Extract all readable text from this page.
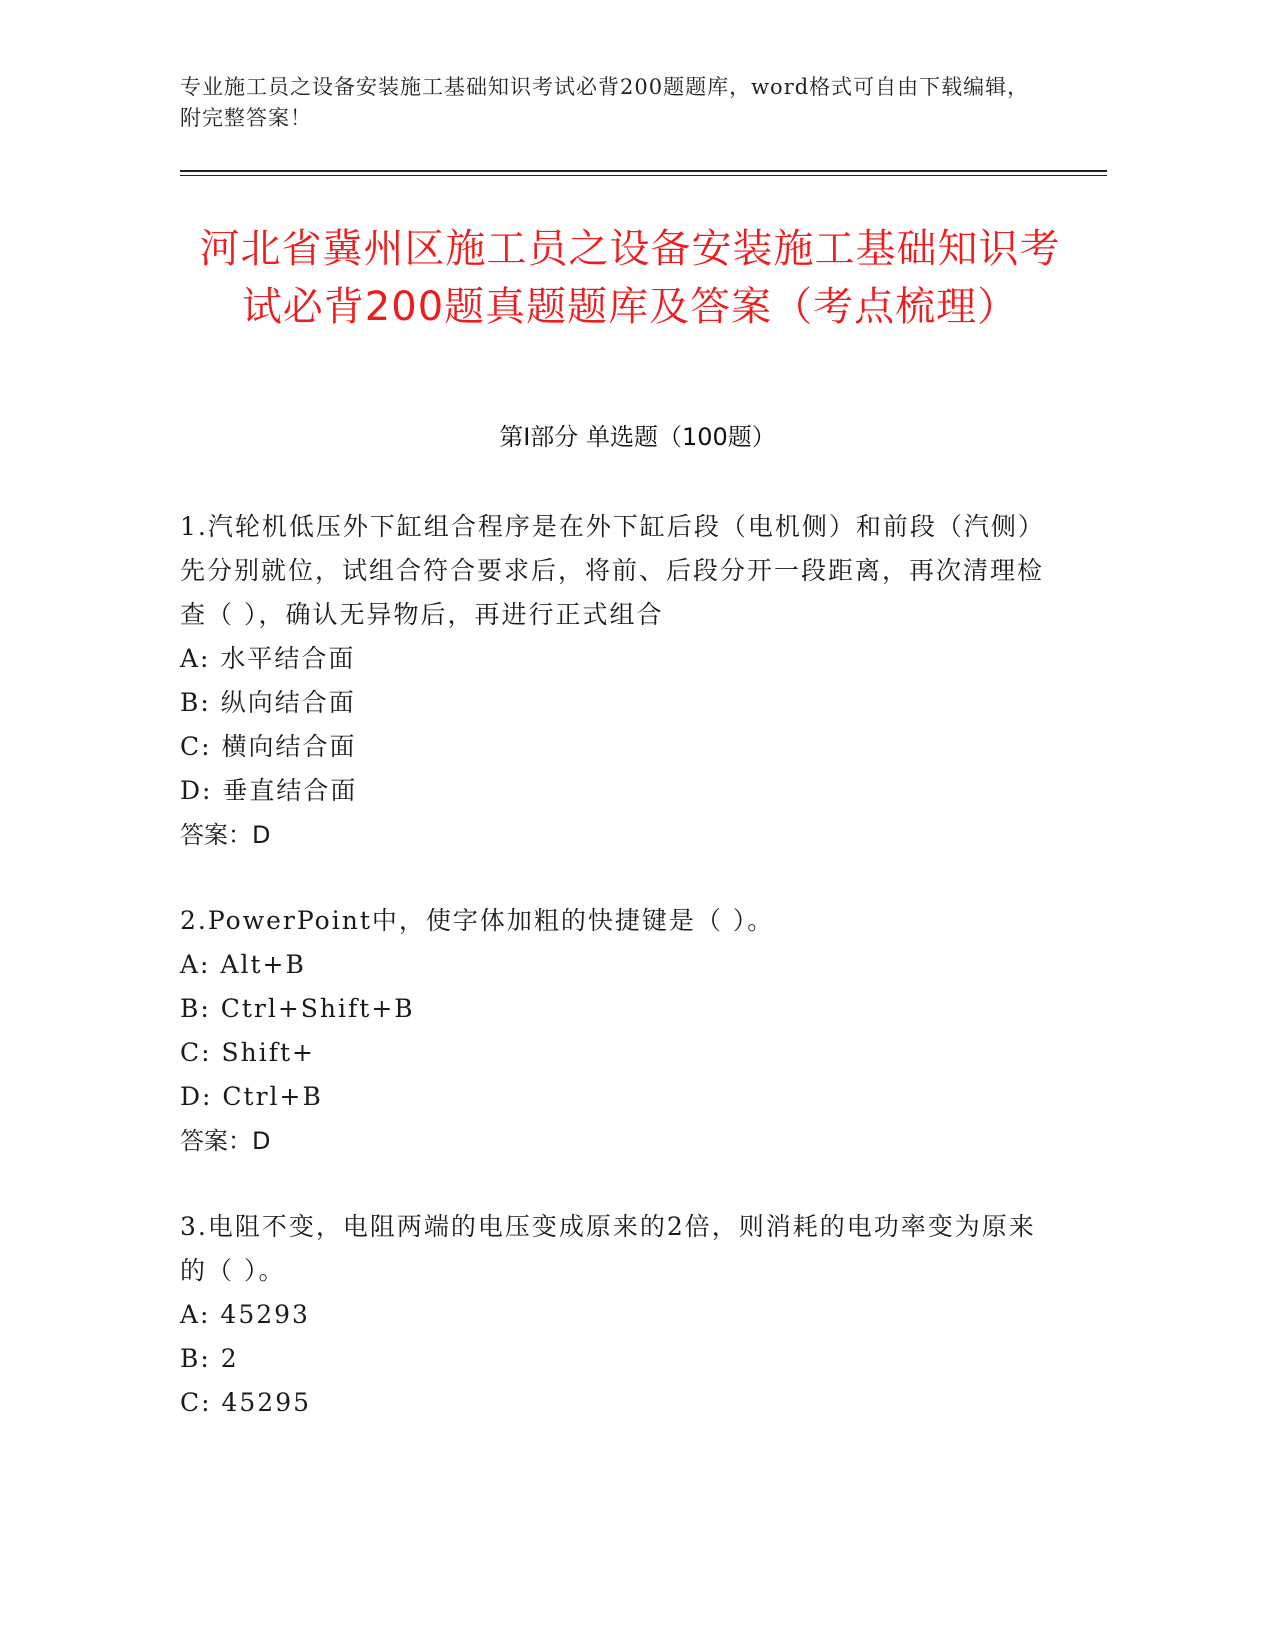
专业施工员之设备安装施工基础知识考试必背200题题库，word格式可自由下载编辑，附完整答案！
河北省冀州区施工员之设备安装施工基础知识考试必背200题真题题库及答案（考点梳理）
第I部分 单选题（100题）

1.汽轮机低压外下缸组合程序是在外下缸后段（电机侧）和前段（汽侧）先分别就位，试组合符合要求后，将前、后段分开一段距离，再次清理检查（ ），确认无异物后，再进行正式组合

A: 水平结合面

B: 纵向结合面

C: 横向结合面

D: 垂直结合面

答案：D

2.PowerPoint中，使字体加粗的快捷键是（ ）。

A: Alt+B

B: Ctrl+Shift+B

C: Shift+

D: Ctrl+B

答案：D

3.电阻不变，电阻两端的电压变成原来的2倍，则消耗的电功率变为原来的（ ）。

A: 45293

B: 2

C: 45295
